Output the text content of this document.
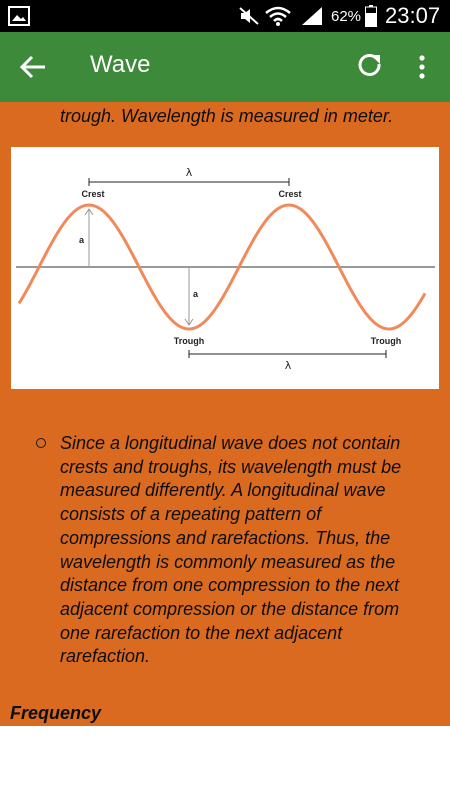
62% 23:07
Wave
trough. Wavelength is measured in meter.
λ
a
a
Crest	Crest
Trough	Trough
λ
Since a longitudinal wave does not contain crests and troughs, its wavelength must be measured differently. A longitudinal wave consists of a repeating pattern of compressions and rarefactions. Thus, the wavelength is commonly measured as the distance from one compression to the next adjacent compression or the distance from one rarefaction to the next adjacent rarefaction.
Frequency
